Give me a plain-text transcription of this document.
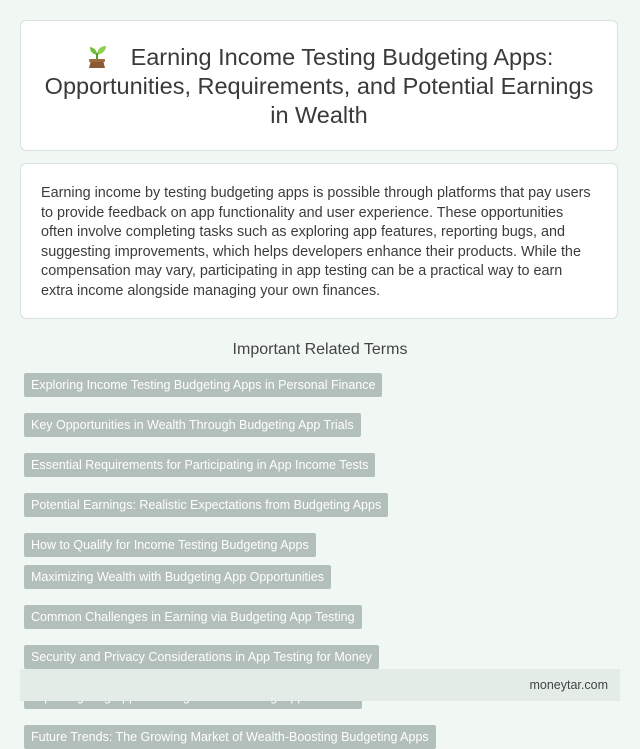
Earning Income Testing Budgeting Apps: Opportunities, Requirements, and Potential Earnings in Wealth

Earning income by testing budgeting apps is possible through platforms that pay users to provide feedback on app functionality and user experience. These opportunities often involve completing tasks such as exploring app features, reporting bugs, and suggesting improvements, which helps developers enhance their products. While the compensation may vary, participating in app testing can be a practical way to earn extra income alongside managing your own finances.

Important Related Terms
Exploring Income Testing Budgeting Apps in Personal Finance
Key Opportunities in Wealth Through Budgeting App Trials
Essential Requirements for Participating in App Income Tests
Potential Earnings: Realistic Expectations from Budgeting Apps
How to Qualify for Income Testing Budgeting Apps
Maximizing Wealth with Budgeting App Opportunities
Common Challenges in Earning via Budgeting App Testing
Security and Privacy Considerations in App Testing for Money
Future Trends: The Growing Market of Wealth-Boosting Budgeting Apps
moneytar.com
